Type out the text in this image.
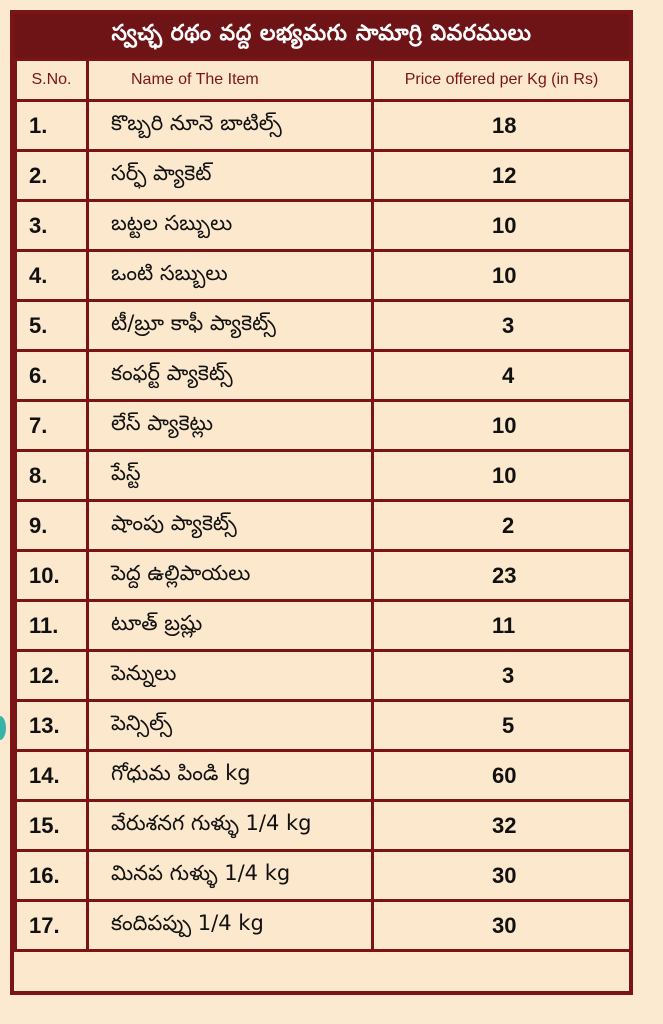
స్వచ్ఛ రథం వద్ద లభ్యమగు సామాగ్రి వివరములు
S.No.	Name of The Item	Price offered per Kg (in Rs)
1.	కొబ్బరి నూనె బాటిల్స్	18
2.	సర్ఫ్ ప్యాకెట్	12
3.	బట్టల సబ్బులు	10
4.	ఒంటి సబ్బులు	10
5.	టీ/బ్రూ కాఫీ ప్యాకెట్స్	3
6.	కంఫర్ట్ ప్యాకెట్స్	4
7.	లేస్ ప్యాకెట్లు	10
8.	పేస్ట్	10
9.	షాంపు ప్యాకెట్స్	2
10.	పెద్ద ఉల్లిపాయలు	23
11.	టూత్ బ్రష్లు	11
12.	పెన్నులు	3
13.	పెన్సిల్స్	5
14.	గోధుమ పిండి kg	60
15.	వేరుశనగ గుళ్ళు 1/4 kg	32
16.	మినప గుళ్ళు 1/4 kg	30
17.	కందిపప్పు 1/4 kg	30
